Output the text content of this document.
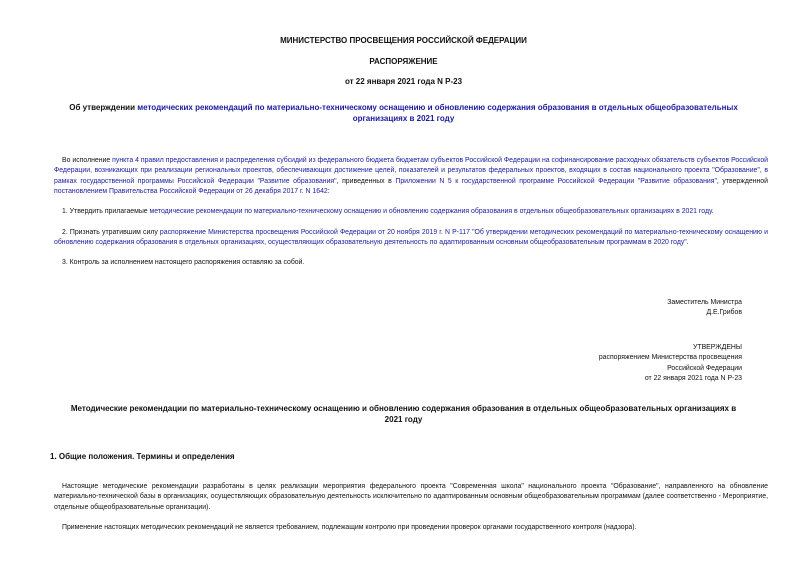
МИНИСТЕРСТВО ПРОСВЕЩЕНИЯ РОССИЙСКОЙ ФЕДЕРАЦИИ
РАСПОРЯЖЕНИЕ
от 22 января 2021 года N Р-23
Об утверждении методических рекомендаций по материально-техническому оснащению и обновлению содержания образования в отдельных общеобразовательных организациях в 2021 году
Во исполнение пункта 4 правил предоставления и распределения субсидий из федерального бюджета бюджетам субъектов Российской Федерации на софинансирование расходных обязательств субъектов Российской Федерации, возникающих при реализации региональных проектов, обеспечивающих достижение целей, показателей и результатов федеральных проектов, входящих в состав национального проекта "Образование", в рамках государственной программы Российской Федерации "Развитие образования", приведенных в Приложении N 5 к государственной программе Российской Федерации "Развитие образования", утвержденной постановлением Правительства Российской Федерации от 26 декабря 2017 г. N 1642:
1. Утвердить прилагаемые методические рекомендации по материально-техническому оснащению и обновлению содержания образования в отдельных общеобразовательных организациях в 2021 году.
2. Признать утратившим силу распоряжение Министерства просвещения Российской Федерации от 20 ноября 2019 г. N Р-117 "Об утверждении методических рекомендаций по материально-техническому оснащению и обновлению содержания образования в отдельных организациях, осуществляющих образовательную деятельность по адаптированным основным общеобразовательным программам в 2020 году".
3. Контроль за исполнением настоящего распоряжения оставляю за собой.
Заместитель Министра
Д.Е.Грибов
УТВЕРЖДЕНЫ
распоряжением Министерства просвещения
Российской Федерации
от 22 января 2021 года N Р-23
Методические рекомендации по материально-техническому оснащению и обновлению содержания образования в отдельных общеобразовательных организациях в 2021 году
1. Общие положения. Термины и определения
Настоящие методические рекомендации разработаны в целях реализации мероприятия федерального проекта "Современная школа" национального проекта "Образование", направленного на обновление материально-технической базы в организациях, осуществляющих образовательную деятельность исключительно по адаптированным основным общеобразовательным программам (далее соответственно - Мероприятие, отдельные общеобразовательные организации).
Применение настоящих методических рекомендаций не является требованием, подлежащим контролю при проведении проверок органами государственного контроля (надзора).
